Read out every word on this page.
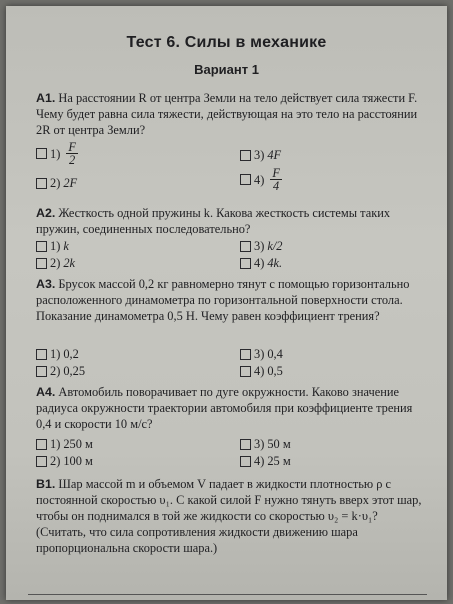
Тест 6. Силы в механике
Вариант 1
А1. На расстоянии R от центра Земли на тело действует сила тяжести F. Чему будет равна сила тяжести, действующая на это тело на расстоянии 2R от центра Земли?
$1) \frac{F}{2}$
2) 2F
3) 4F
$4) \frac{F}{4}$
А2. Жесткость одной пружины k. Какова жесткость системы таких пружин, соединенных последовательно?
1) k
2) 2k
3) k/2
4) 4k.
А3. Брусок массой 0,2 кг равномерно тянут с помощью горизонтально расположенного динамометра по горизонтальной поверхности стола. Показание динамометра 0,5 Н. Чему равен коэффициент трения?
1) 0,2
2) 0,25
3) 0,4
4) 0,5
А4. Автомобиль поворачивает по дуге окружности. Каково значение радиуса окружности траектории автомобиля при коэффициенте трения 0,4 и скорости 10 м/с?
1) 250 м
2) 100 м
3) 50 м
4) 25 м
В1. Шар массой m и объемом V падает в жидкости плотностью ρ с постоянной скоростью υ₁. С какой силой F нужно тянуть вверх этот шар, чтобы он поднимался в той же жидкости со скоростью υ₂ = k·υ₁? (Считать, что сила сопротивления жидкости движению шара пропорциональна скорости шара.)
